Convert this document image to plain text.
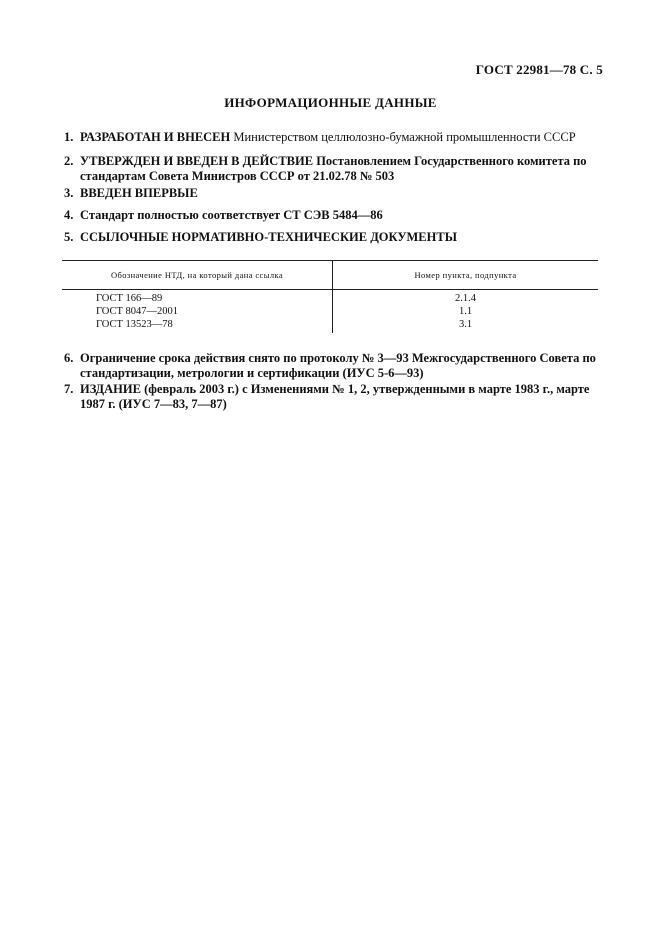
ГОСТ 22981—78 С. 5
ИНФОРМАЦИОННЫЕ ДАННЫЕ
1. РАЗРАБОТАН И ВНЕСЕН Министерством целлюлозно-бумажной промышленности СССР
2. УТВЕРЖДЕН И ВВЕДЕН В ДЕЙСТВИЕ Постановлением Государственного комитета по стандартам Совета Министров СССР от 21.02.78 № 503
3. ВВЕДЕН ВПЕРВЫЕ
4. Стандарт полностью соответствует СТ СЭВ 5484—86
5. ССЫЛОЧНЫЕ НОРМАТИВНО-ТЕХНИЧЕСКИЕ ДОКУМЕНТЫ
Обозначение НТД, на который дана ссылка	Номер пункта, подпункта
ГОСТ 166—89	2.1.4
ГОСТ 8047—2001	1.1
ГОСТ 13523—78	3.1
6. Ограничение срока действия снято по протоколу № 3—93 Межгосударственного Совета по стандартизации, метрологии и сертификации (ИУС 5-6—93)
7. ИЗДАНИЕ (февраль 2003 г.) с Изменениями № 1, 2, утвержденными в марте 1983 г., марте 1987 г. (ИУС 7—83, 7—87)
